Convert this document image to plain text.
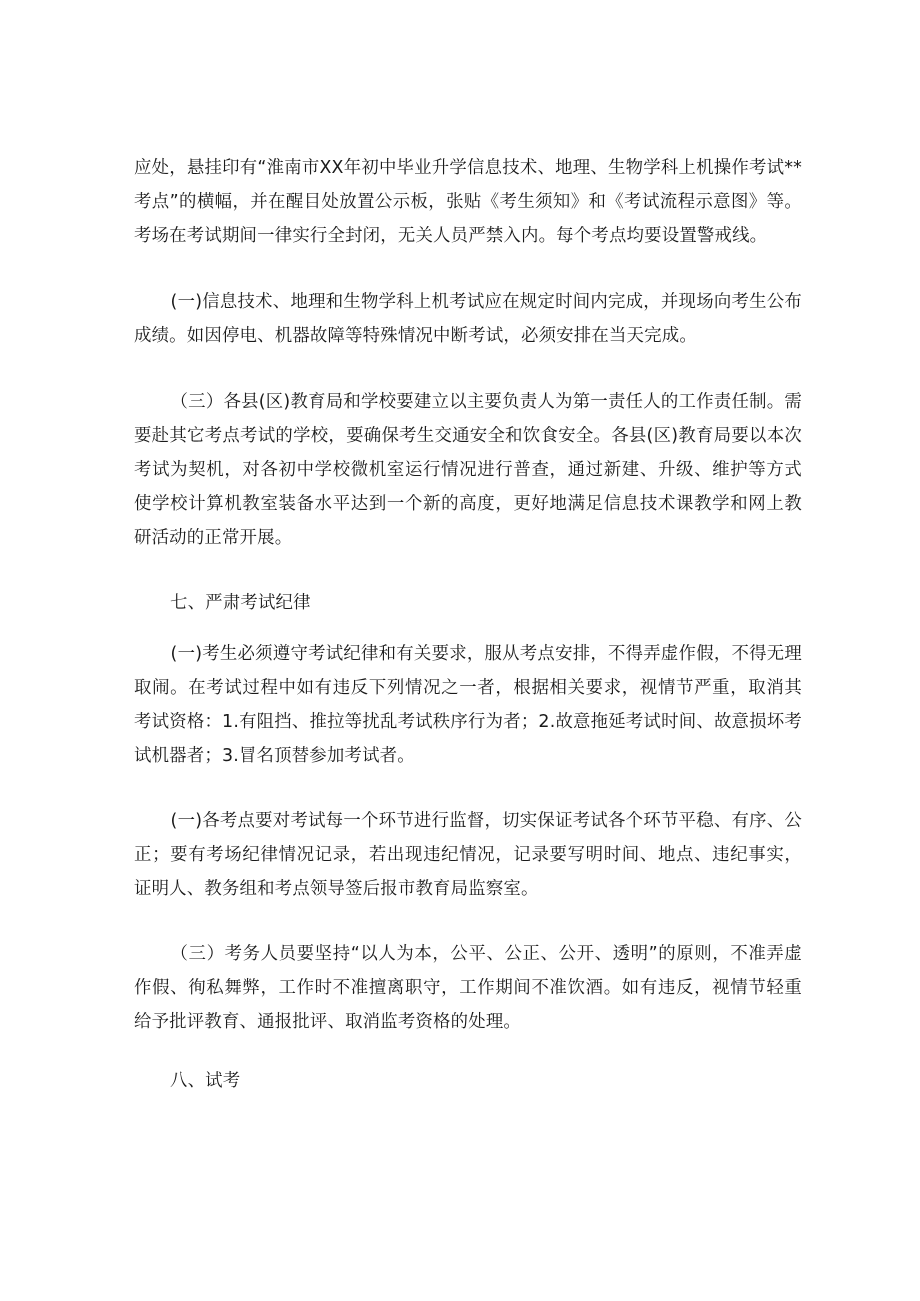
应处，悬挂印有“淮南市XX年初中毕业升学信息技术、地理、生物学科上机操作考试**考点”的横幅，并在醒目处放置公示板，张贴《考生须知》和《考试流程示意图》等。考场在考试期间一律实行全封闭，无关人员严禁入内。每个考点均要设置警戒线。

(一)信息技术、地理和生物学科上机考试应在规定时间内完成，并现场向考生公布成绩。如因停电、机器故障等特殊情况中断考试，必须安排在当天完成。

（三）各县(区)教育局和学校要建立以主要负责人为第一责任人的工作责任制。需要赴其它考点考试的学校，要确保考生交通安全和饮食安全。各县(区)教育局要以本次考试为契机，对各初中学校微机室运行情况进行普查，通过新建、升级、维护等方式使学校计算机教室装备水平达到一个新的高度，更好地满足信息技术课教学和网上教研活动的正常开展。

七、严肃考试纪律

(一)考生必须遵守考试纪律和有关要求，服从考点安排，不得弄虚作假，不得无理取闹。在考试过程中如有违反下列情况之一者，根据相关要求，视情节严重，取消其考试资格：1.有阻挡、推拉等扰乱考试秩序行为者；2.故意拖延考试时间、故意损坏考试机器者；3.冒名顶替参加考试者。

(一)各考点要对考试每一个环节进行监督，切实保证考试各个环节平稳、有序、公正；要有考场纪律情况记录，若出现违纪情况，记录要写明时间、地点、违纪事实，证明人、教务组和考点领导签后报市教育局监察室。

（三）考务人员要坚持“以人为本，公平、公正、公开、透明”的原则，不准弄虚作假、徇私舞弊，工作时不准擅离职守，工作期间不准饮酒。如有违反，视情节轻重给予批评教育、通报批评、取消监考资格的处理。

八、试考
